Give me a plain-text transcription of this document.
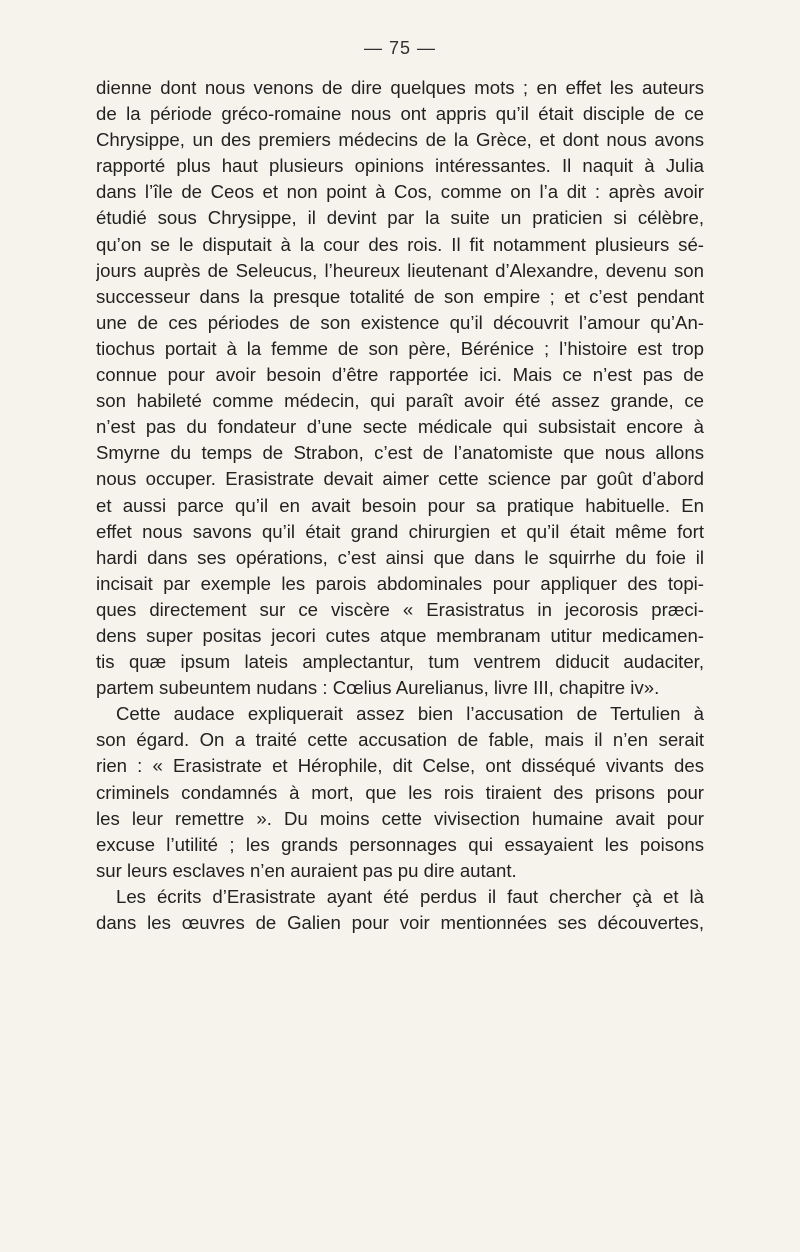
— 75 —
dienne dont nous venons de dire quelques mots ; en effet les auteurs
de la période gréco-romaine nous ont appris qu’il était disciple de ce
Chrysippe, un des premiers médecins de la Grèce, et dont nous avons
rapporté plus haut plusieurs opinions intéressantes. Il naquit à Julia
dans l’île de Ceos et non point à Cos, comme on l’a dit : après avoir
étudié sous Chrysippe, il devint par la suite un praticien si célèbre,
qu’on se le disputait à la cour des rois. Il fit notamment plusieurs sé-
jours auprès de Seleucus, l’heureux lieutenant d’Alexandre, devenu son
successeur dans la presque totalité de son empire ; et c’est pendant
une de ces périodes de son existence qu’il découvrit l’amour qu’An-
tiochus portait à la femme de son père, Bérénice ; l’histoire est trop
connue pour avoir besoin d’être rapportée ici. Mais ce n’est pas de
son habileté comme médecin, qui paraît avoir été assez grande, ce
n’est pas du fondateur d’une secte médicale qui subsistait encore à
Smyrne du temps de Strabon, c’est de l’anatomiste que nous allons
nous occuper. Erasistrate devait aimer cette science par goût d’abord
et aussi parce qu’il en avait besoin pour sa pratique habituelle. En
effet nous savons qu’il était grand chirurgien et qu’il était même fort
hardi dans ses opérations, c’est ainsi que dans le squirrhe du foie il
incisait par exemple les parois abdominales pour appliquer des topi-
ques directement sur ce viscère « Erasistratus in jecorosis præci-
dens super positas jecori cutes atque membranam utitur medicamen-
tis quæ ipsum lateis amplectantur, tum ventrem diducit audaciter,
partem subeuntem nudans : Cœlius Aurelianus, livre III, chapitre iv».
Cette audace expliquerait assez bien l’accusation de Tertulien à
son égard. On a traité cette accusation de fable, mais il n’en serait
rien : « Erasistrate et Hérophile, dit Celse, ont disséqué vivants des
criminels condamnés à mort, que les rois tiraient des prisons pour
les leur remettre ». Du moins cette vivisection humaine avait pour
excuse l’utilité ; les grands personnages qui essayaient les poisons
sur leurs esclaves n’en auraient pas pu dire autant.
Les écrits d’Erasistrate ayant été perdus il faut chercher çà et là
dans les œuvres de Galien pour voir mentionnées ses découvertes,
